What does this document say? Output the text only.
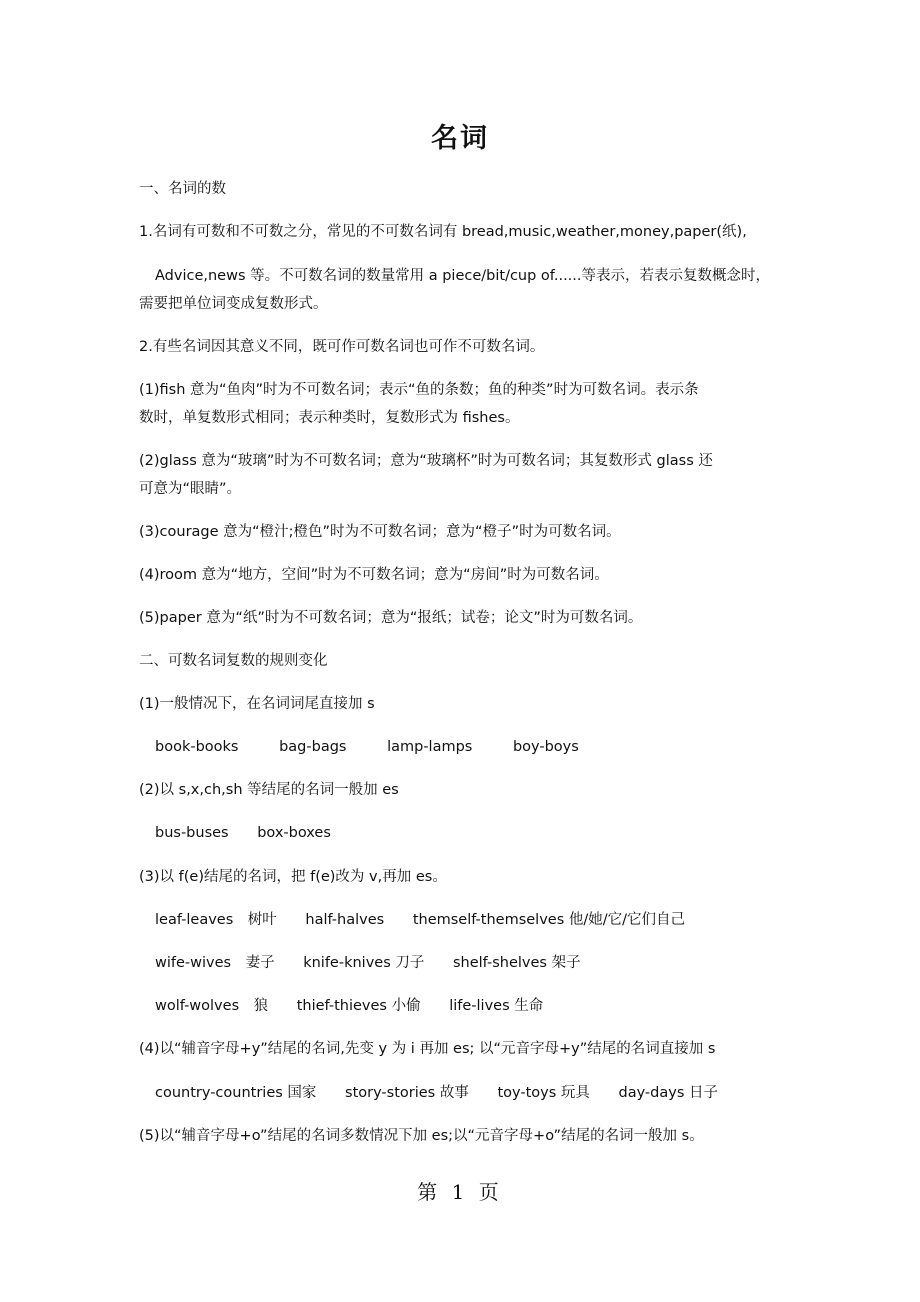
名词
一、名词的数
1.名词有可数和不可数之分，常见的不可数名词有 bread,music,weather,money,paper(纸),
Advice,news 等。不可数名词的数量常用 a piece/bit/cup of......等表示，若表示复数概念时，
需要把单位词变成复数形式。
2.有些名词因其意义不同，既可作可数名词也可作不可数名词。
(1)fish 意为“鱼肉”时为不可数名词；表示“鱼的条数；鱼的种类”时为可数名词。表示条
数时，单复数形式相同；表示种类时，复数形式为 fishes。
(2)glass 意为“玻璃”时为不可数名词；意为“玻璃杯”时为可数名词；其复数形式 glass 还
可意为“眼睛”。
(3)courage 意为“橙汁;橙色”时为不可数名词；意为“橙子”时为可数名词。
(4)room 意为“地方，空间”时为不可数名词；意为“房间”时为可数名词。
(5)paper 意为“纸”时为不可数名词；意为“报纸；试卷；论文”时为可数名词。
二、可数名词复数的规则变化
(1)一般情况下，在名词词尾直接加 s
book-books	bag-bags	lamp-lamps	boy-boys
(2)以 s,x,ch,sh 等结尾的名词一般加 es
bus-buses box-boxes
(3)以 f(e)结尾的名词，把 f(e)改为 v,再加 es。
leaf-leaves　树叶 half-halves themself-themselves 他/她/它/它们自己
wife-wives　妻子 knife-knives 刀子 shelf-shelves 架子
wolf-wolves　狼 thief-thieves 小偷 life-lives 生命
(4)以“辅音字母+y”结尾的名词,先变 y 为 i 再加 es; 以“元音字母+y”结尾的名词直接加 s
country-countries 国家 story-stories 故事 toy-toys 玩具 day-days 日子
(5)以“辅音字母+o”结尾的名词多数情况下加 es;以“元音字母+o”结尾的名词一般加 s。
第 1 页
